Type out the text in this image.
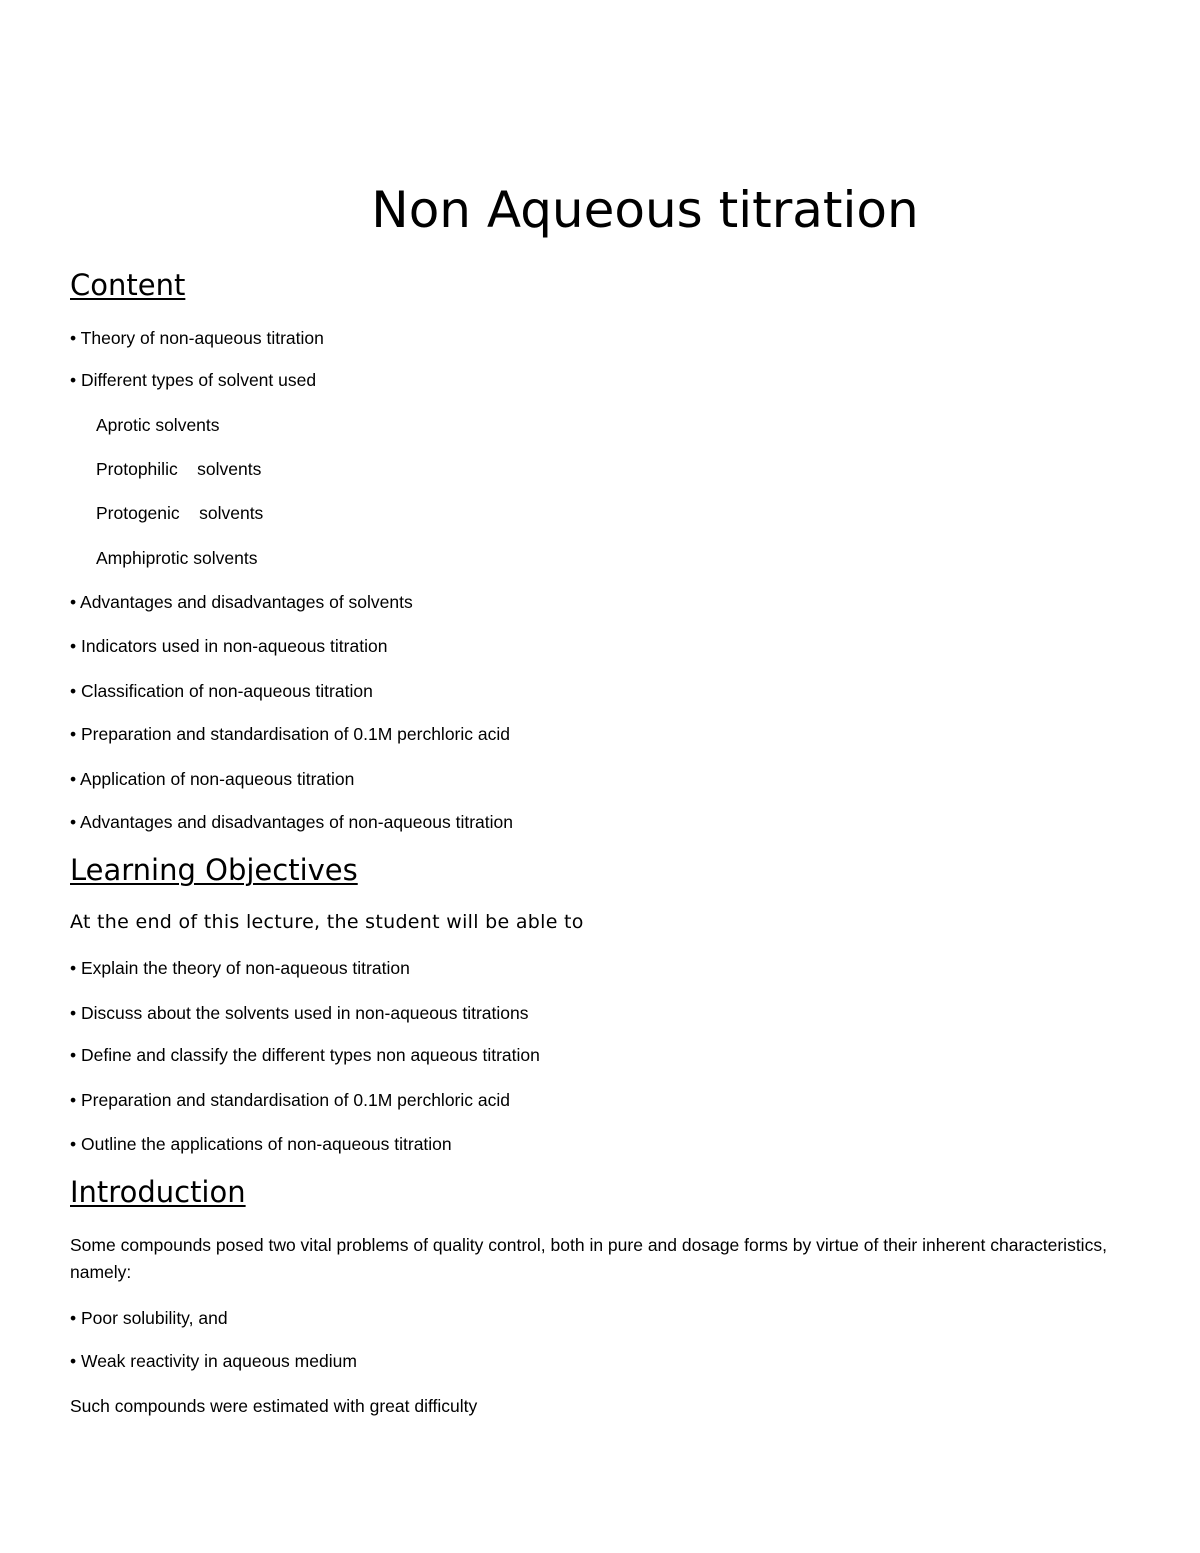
Non Aqueous titration
Content

• Theory of non-aqueous titration

• Different types of solvent used

Aprotic solvents

Protophilic    solvents

Protogenic    solvents

Amphiprotic solvents

• Advantages and disadvantages of solvents

• Indicators used in non-aqueous titration

• Classification of non-aqueous titration

• Preparation and standardisation of 0.1M perchloric acid

• Application of non-aqueous titration

• Advantages and disadvantages of non-aqueous titration

Learning Objectives

At the end of this lecture, the student will be able to

• Explain the theory of non-aqueous titration

• Discuss about the solvents used in non-aqueous titrations

• Define and classify the different types non aqueous titration

• Preparation and standardisation of 0.1M perchloric acid

• Outline the applications of non-aqueous titration

Introduction

Some compounds posed two vital problems of quality control, both in pure and dosage forms by virtue of their inherent characteristics, namely:

• Poor solubility, and

• Weak reactivity in aqueous medium

Such compounds were estimated with great difficulty
